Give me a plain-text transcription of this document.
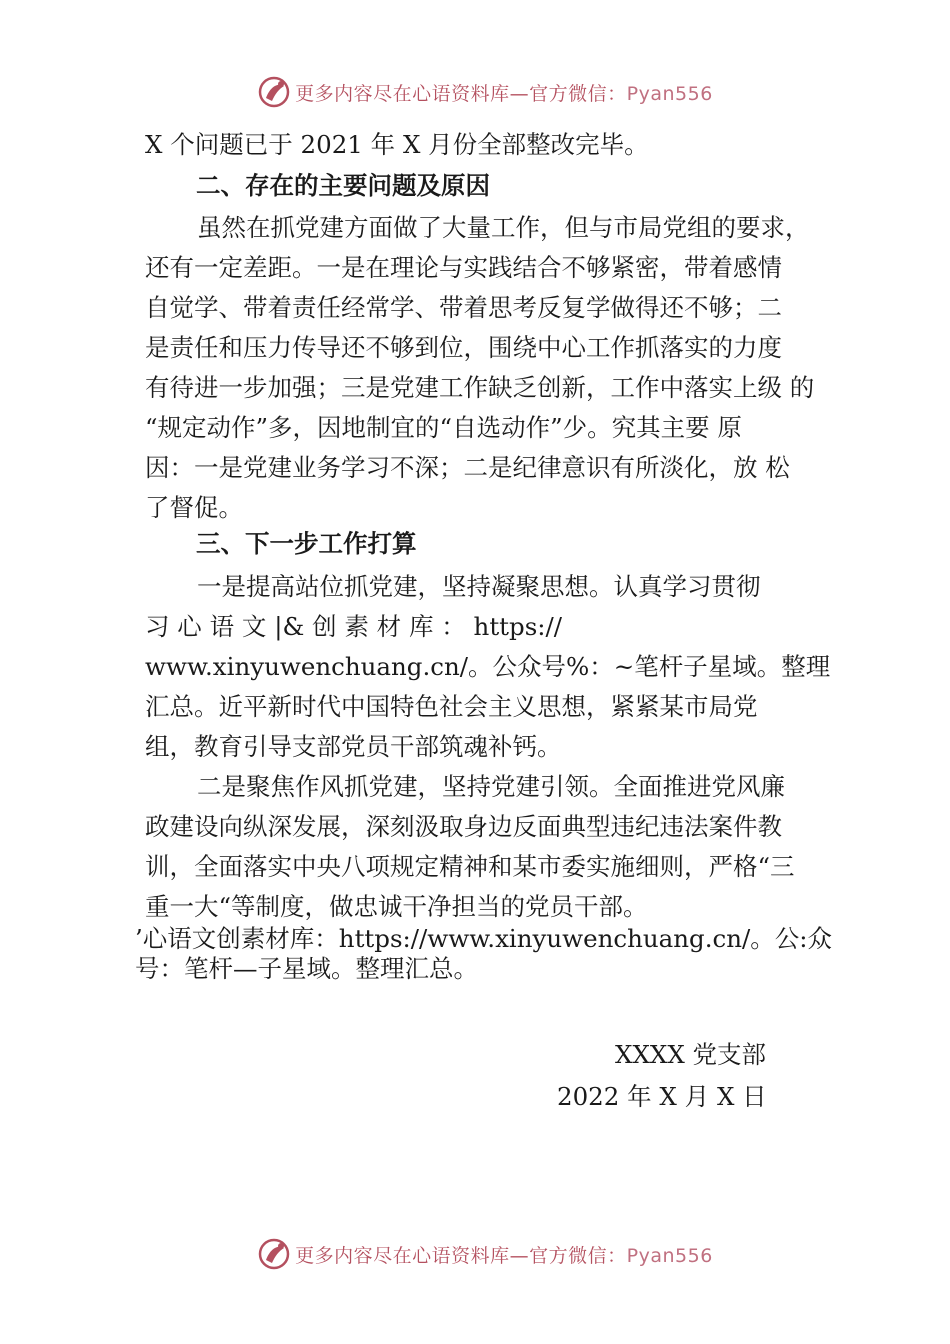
更多内容尽在心语资料库—官方微信：Pyan556
X 个问题已于 2021 年 X 月份全部整改完毕。
二、存在的主要问题及原因
虽然在抓党建方面做了大量工作，但与市局党组的要求，
还有一定差距。一是在理论与实践结合不够紧密，带着感情
自觉学、带着责任经常学、带着思考反复学做得还不够；二
是责任和压力传导还不够到位，围绕中心工作抓落实的力度
有待进一步加强；三是党建工作缺乏创新，工作中落实上级 的
“规定动作”多，因地制宜的“自选动作”少。究其主要 原
因：一是党建业务学习不深；二是纪律意识有所淡化，放 松
了督促。
三、下一步工作打算
一是提高站位抓党建，坚持凝聚思想。认真学习贯彻
习 心 语 文 |& 创 素 材 库 ： https://
www.xinyuwenchuang.cn/。公众号%：~笔杆子星域。整理
汇总。近平新时代中国特色社会主义思想，紧紧某市局党
组，教育引导支部党员干部筑魂补钙。
二是聚焦作风抓党建，坚持党建引领。全面推进党风廉
政建设向纵深发展，深刻汲取身边反面典型违纪违法案件教
训，全面落实中央八项规定精神和某市委实施细则，严格“三
重一大“等制度，做忠诚干净担当的党员干部。
’心语文创素材库：https://www.xinyuwenchuang.cn/。公:众
号：笔杆—子星域。整理汇总。
XXXX 党支部
2022 年 X 月 X 日
更多内容尽在心语资料库—官方微信：Pyan556
